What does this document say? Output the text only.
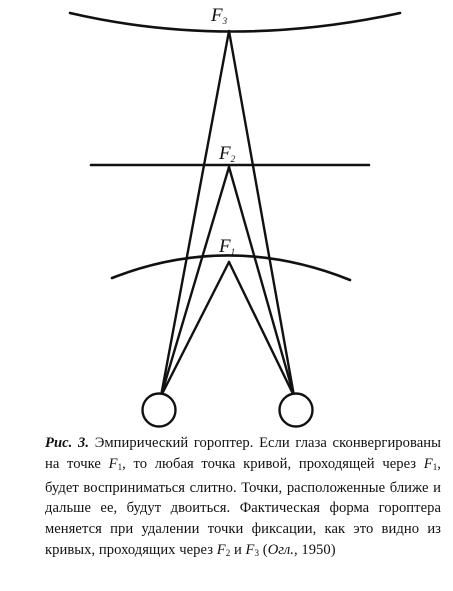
F3
F2
F1
Рис. 3. Эмпирический гороптер. Если глаза сконвергированы на точке $F_1$, то любая точка кривой, проходящей через $F_1$, будет восприниматься слитно. Точки, расположенные ближе и дальше ее, будут двоиться. Фактическая форма гороптера меняется при удалении точки фиксации, как это видно из кривых, проходящих через $F_2$ и $F_3$ (Огл., 1950)
